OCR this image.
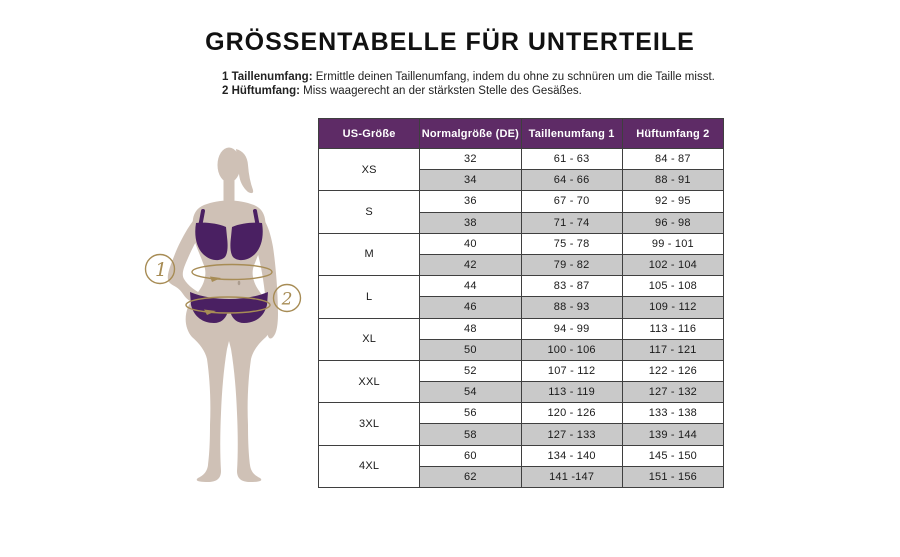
GRÖSSENTABELLE FÜR UNTERTEILE

1 Taillenumfang: Ermittle deinen Taillenumfang, indem du ohne zu schnüren um die Taille misst.

2 Hüftumfang: Miss waagerecht an der stärksten Stelle des Gesäßes.

1
2
US-Größe	Normalgröße (DE)	Taillenumfang 1	Hüftumfang 2
XS	32	61 - 63	84 - 87
	34	64 - 66	88 - 91
S	36	67 - 70	92 - 95
	38	71 - 74	96 - 98
M	40	75 - 78	99 - 101
	42	79 - 82	102 - 104
L	44	83 - 87	105 - 108
	46	88 - 93	109 - 112
XL	48	94 - 99	113 - 116
	50	100 - 106	117 - 121
XXL	52	107 - 112	122 - 126
	54	113 - 119	127 - 132
3XL	56	120 - 126	133 - 138
	58	127 - 133	139 - 144
4XL	60	134 - 140	145 - 150
	62	141 -147	151 - 156
